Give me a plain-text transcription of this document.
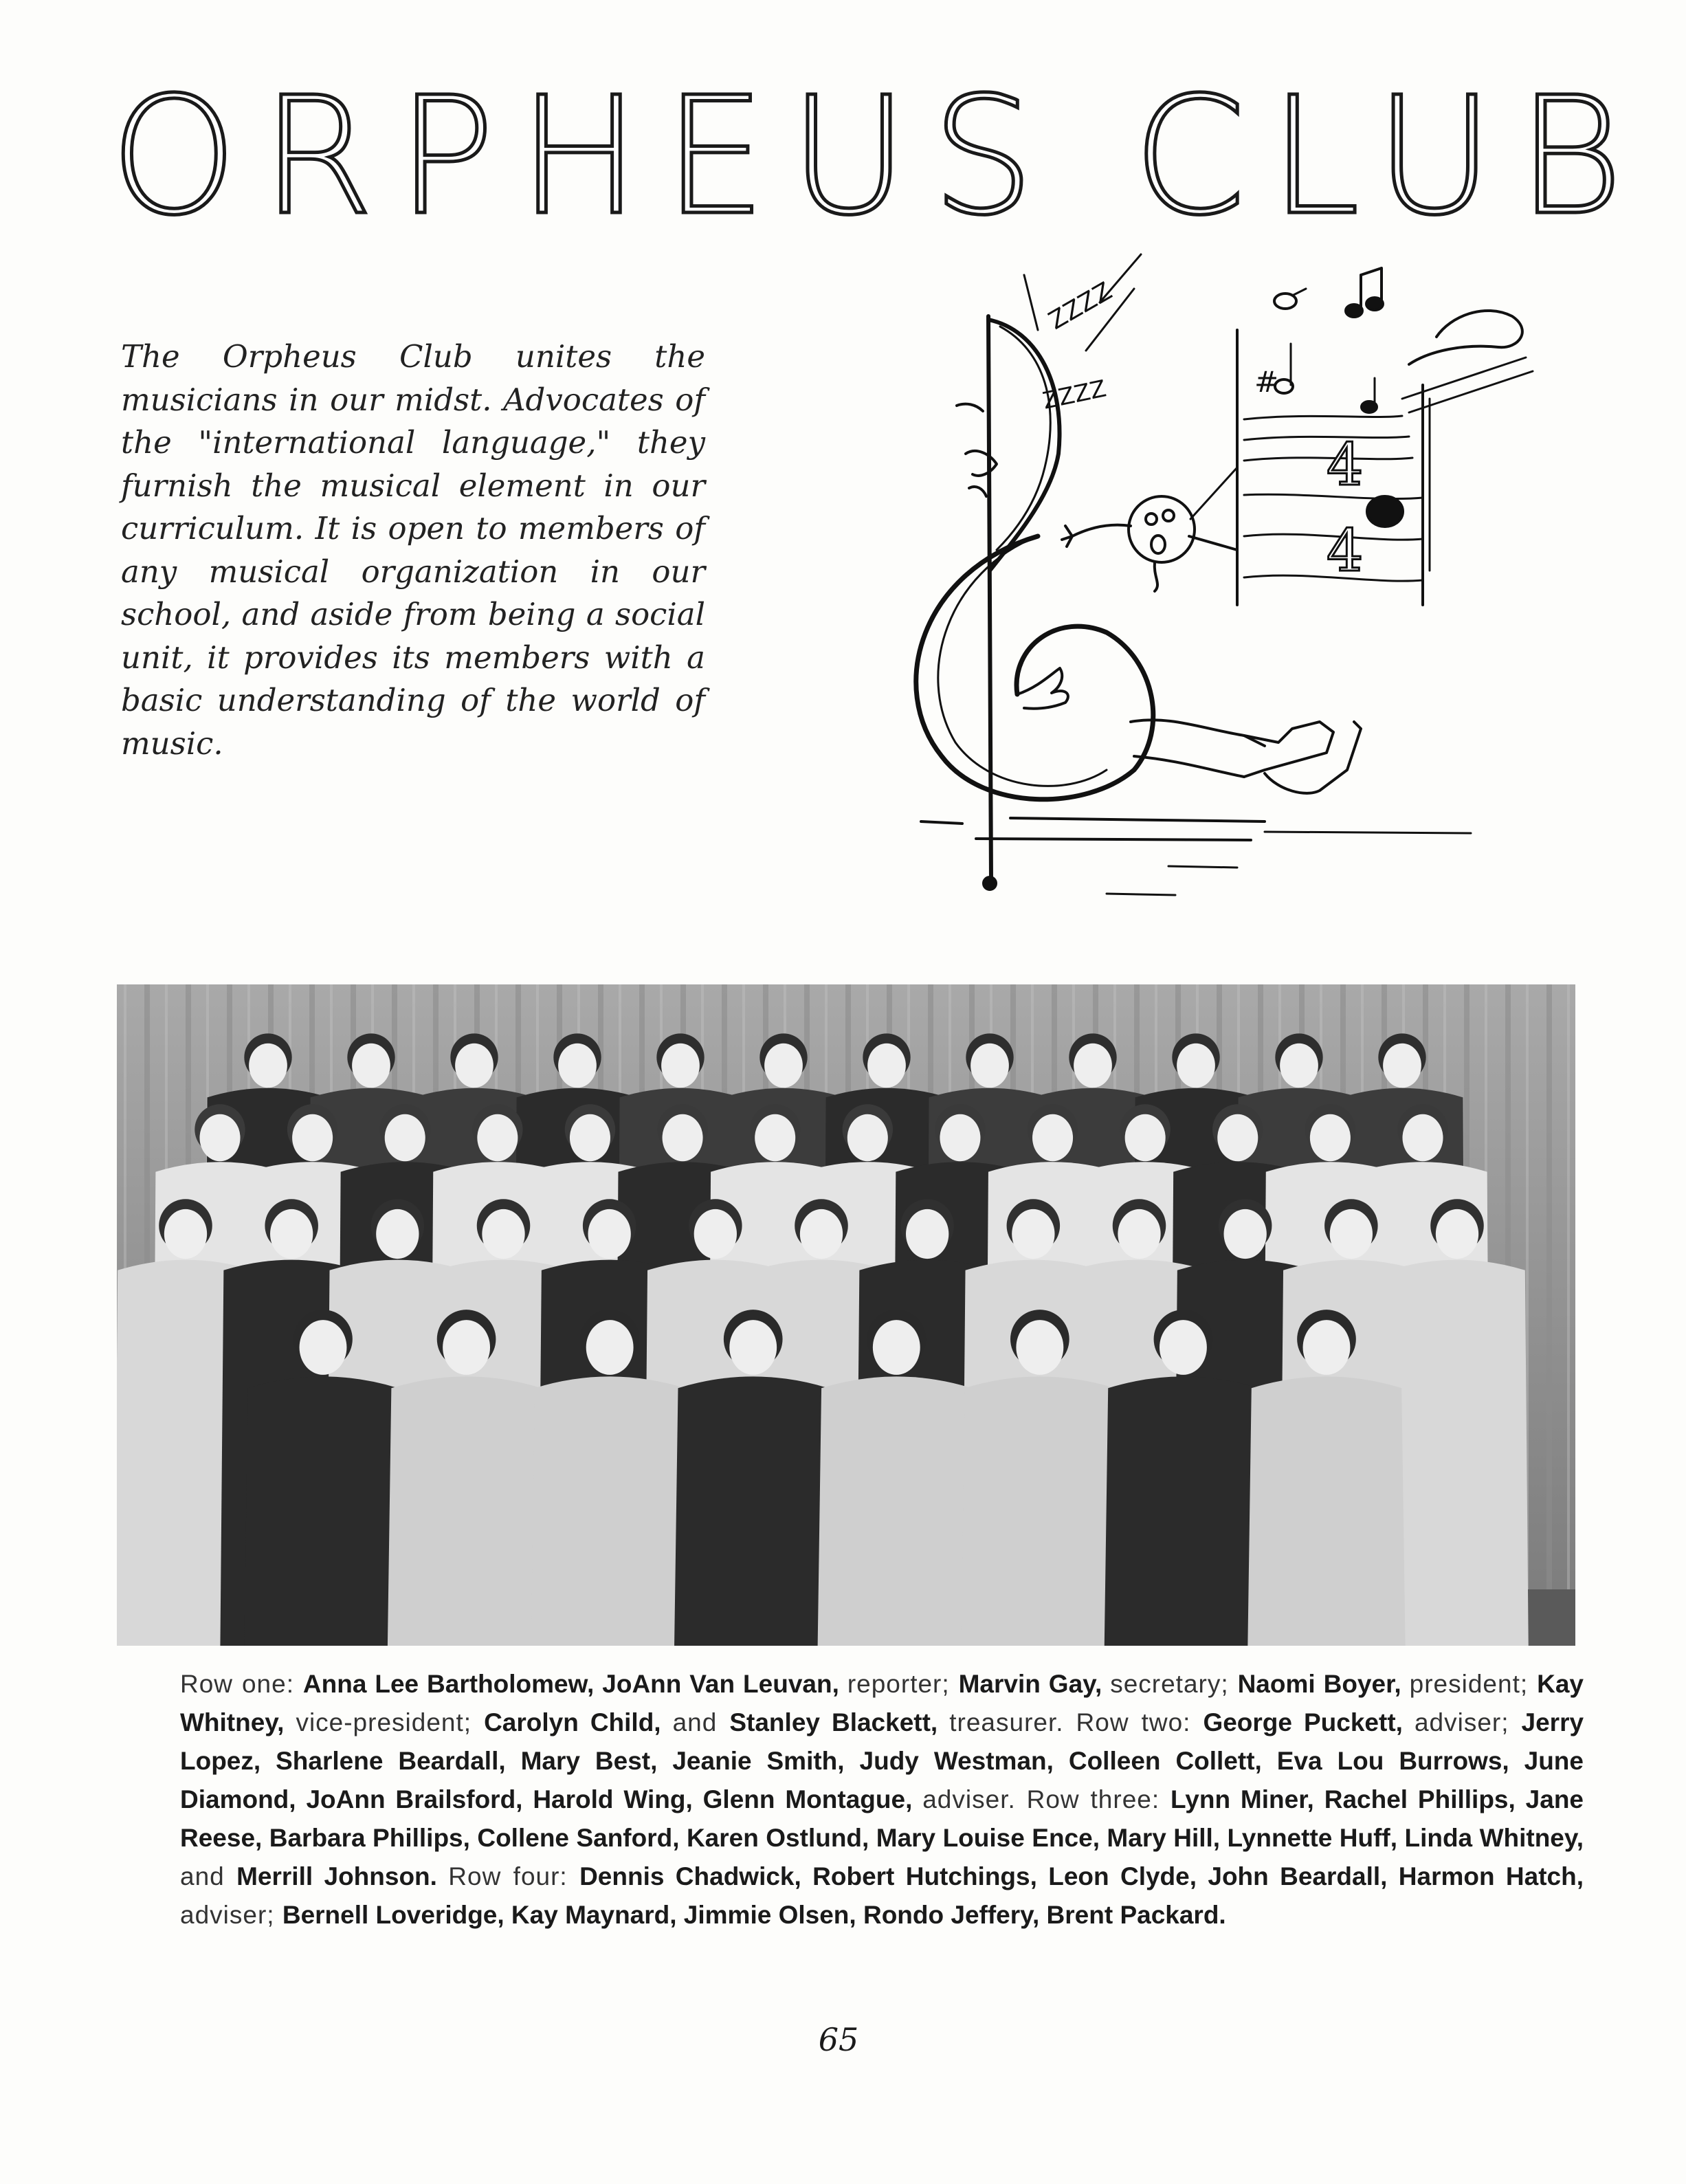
ORPHEUS CLUB

The Orpheus Club unites the musicians in our midst. Advocates of the "international language," they furnish the musical element in our curriculum. It is open to members of any musical organization in our school, and aside from being a social unit, it provides its members with a basic understanding of the world of music.

ZZZZ
ZZZZ	#
4
4

Row one: Anna Lee Bartholomew, JoAnn Van Leuvan, reporter; Marvin Gay, secretary; Naomi Boyer, president; Kay Whitney, vice-president; Carolyn Child, and Stanley Blackett, treasurer. Row two: George Puckett, adviser; Jerry Lopez, Sharlene Beardall, Mary Best, Jeanie Smith, Judy Westman, Colleen Collett, Eva Lou Burrows, June Diamond, JoAnn Brailsford, Harold Wing, Glenn Montague, adviser. Row three: Lynn Miner, Rachel Phillips, Jane Reese, Barbara Phillips, Collene Sanford, Karen Ostlund, Mary Louise Ence, Mary Hill, Lynnette Huff, Linda Whitney, and Merrill Johnson. Row four: Dennis Chadwick, Robert Hutchings, Leon Clyde, John Beardall, Harmon Hatch, adviser; Bernell Loveridge, Kay Maynard, Jimmie Olsen, Rondo Jeffery, Brent Packard.

65
